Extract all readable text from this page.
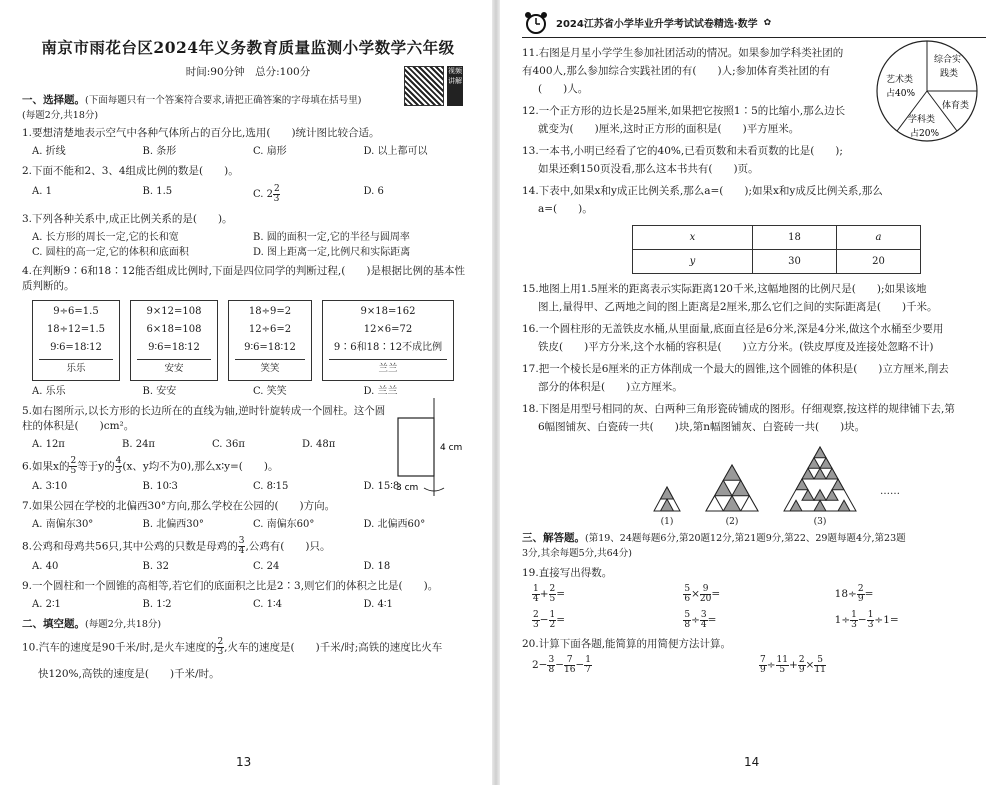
南京市雨花台区2024年义务教育质量监测小学数学六年级
时间:90分钟　总分:100分	视频讲解
一、选择题。(下面每题只有一个答案符合要求,请把正确答案的字母填在括号里)
(每题2分,共18分)
1.要想清楚地表示空气中各种气体所占的百分比,选用(　　)统计图比较合适。
A. 折线	B. 条形	C. 扇形	D. 以上都可以
2.下面不能和2、3、4组成比例的数是(　　)。
A. 1	B. 1.5	C. $2 \frac{2}{3}$	D. 6
3.下列各种关系中,成正比例关系的是(　　)。
A. 长方形的周长一定,它的长和宽	B. 圆的面积一定,它的半径与圆周率
C. 圆柱的高一定,它的体积和底面积	D. 图上距离一定,比例尺和实际距离
4.在判断9∶6和18∶12能否组成比例时,下面是四位同学的判断过程,(　　)是根据比例的基本性质判断的。
9÷6=1.5
18÷12=1.5
9∶6=18∶12
乐乐
9×12=108
6×18=108
9∶6=18∶12
安安
18÷9=2
12÷6=2
9∶6=18∶12
笑笑
9×18=162
12×6=72
9∶6和18∶12不成比例
兰兰
A. 乐乐	B. 安安	C. 笑笑	D. 兰兰
5.如右图所示,以长方形的长边所在的直线为轴,逆时针旋转成一个圆柱。这个圆柱的体积是(　　)cm²。
4 cm
3 cm
A. 12π	B. 24π	C. 36π	D. 48π
6.如果x的 $\frac{2}{5}$ 等于y的 $\frac{4}{3} (x$、y均不为0),那么x∶y=(　　)。
A. 3∶10	B. 10∶3	C. 8∶15	D. 15∶8
7.如果公园在学校的北偏西30°方向,那么学校在公园的(　　)方向。
A. 南偏东30°	B. 北偏西30°	C. 南偏东60°	D. 北偏西60°
8.公鸡和母鸡共56只,其中公鸡的只数是母鸡的 $\frac{3}{4}$ ,公鸡有(　　)只。
A. 40	B. 32	C. 24	D. 18
9.一个圆柱和一个圆锥的高相等,若它们的底面积之比是2∶3,则它们的体积之比是(　　)。
A. 2∶1	B. 1∶2	C. 1∶4	D. 4∶1
二、填空题。(每题2分,共18分)
10.汽车的速度是90千米/时,是火车速度的 $\frac{2}{3}$ ,火车的速度是(　　)千米/时;高铁的速度比火车
快120%,高铁的速度是(　　)千米/时。
13
2024江苏省小学毕业升学考试试卷精选·数学 ✿
11.右图是月星小学学生参加社团活动的情况。如果参加学科类社团的
有400人,那么参加综合实践社团的有(　　)人;参加体育类社团的有
(　　)人。
艺术类
占40%
综合实
践类
体育类
学科类
占20%
12.一个正方形的边长是25厘米,如果把它按照1∶5的比缩小,那么边长
就变为(　　)厘米,这时正方形的面积是(　　)平方厘米。
13.一本书,小明已经看了它的40%,已看页数和未看页数的比是(　　);
如果还剩150页没看,那么这本书共有(　　)页。
14.下表中,如果x和y成正比例关系,那么a=(　　);如果x和y成反比例关系,那么
a=(　　)。
x	18	a
y	30	20
15.地图上用1.5厘米的距离表示实际距离120千米,这幅地图的比例尺是(　　);如果该地
图上,量得甲、乙两地之间的图上距离是2厘米,那么它们之间的实际距离是(　　)千米。
16.一个圆柱形的无盖铁皮水桶,从里面量,底面直径是6分米,深是4分米,做这个水桶至少要用
铁皮(　　)平方分米,这个水桶的容积是(　　)立方分米。(铁皮厚度及连接处忽略不计)
17.把一个棱长是6厘米的正方体削成一个最大的圆锥,这个圆锥的体积是(　　)立方厘米,削去
部分的体积是(　　)立方厘米。
18.下图是用型号相同的灰、白两种三角形瓷砖铺成的图形。仔细观察,按这样的规律铺下去,第
6幅图铺灰、白瓷砖一共(　　)块,第n幅图铺灰、白瓷砖一共(　　)块。
(1)	(2)	(3)
……
三、解答题。(第19、24题每题6分,第20题12分,第21题9分,第22、29题每题4分,第23题
3分,其余每题5分,共64分)
19.直接写出得数。
$\frac{1}{4} + \frac{2}{5}$ =	$\frac{5}{6} \times \frac{9}{20}$ =	$18\div \frac{2}{9}$ =
$\frac{2}{3} - \frac{1}{2}$ =	$\frac{5}{8} \div \frac{3}{4}$ =	$1\div \frac{1}{3} - \frac{1}{3} \div 1=$
20.计算下面各题,能简算的用简便方法计算。
$2- \frac{3}{8} - \frac{7}{16} - \frac{1}{7}$	$\frac{7}{9} \div \frac{11}{5} + \frac{2}{9} \times \frac{5}{11}$
14
